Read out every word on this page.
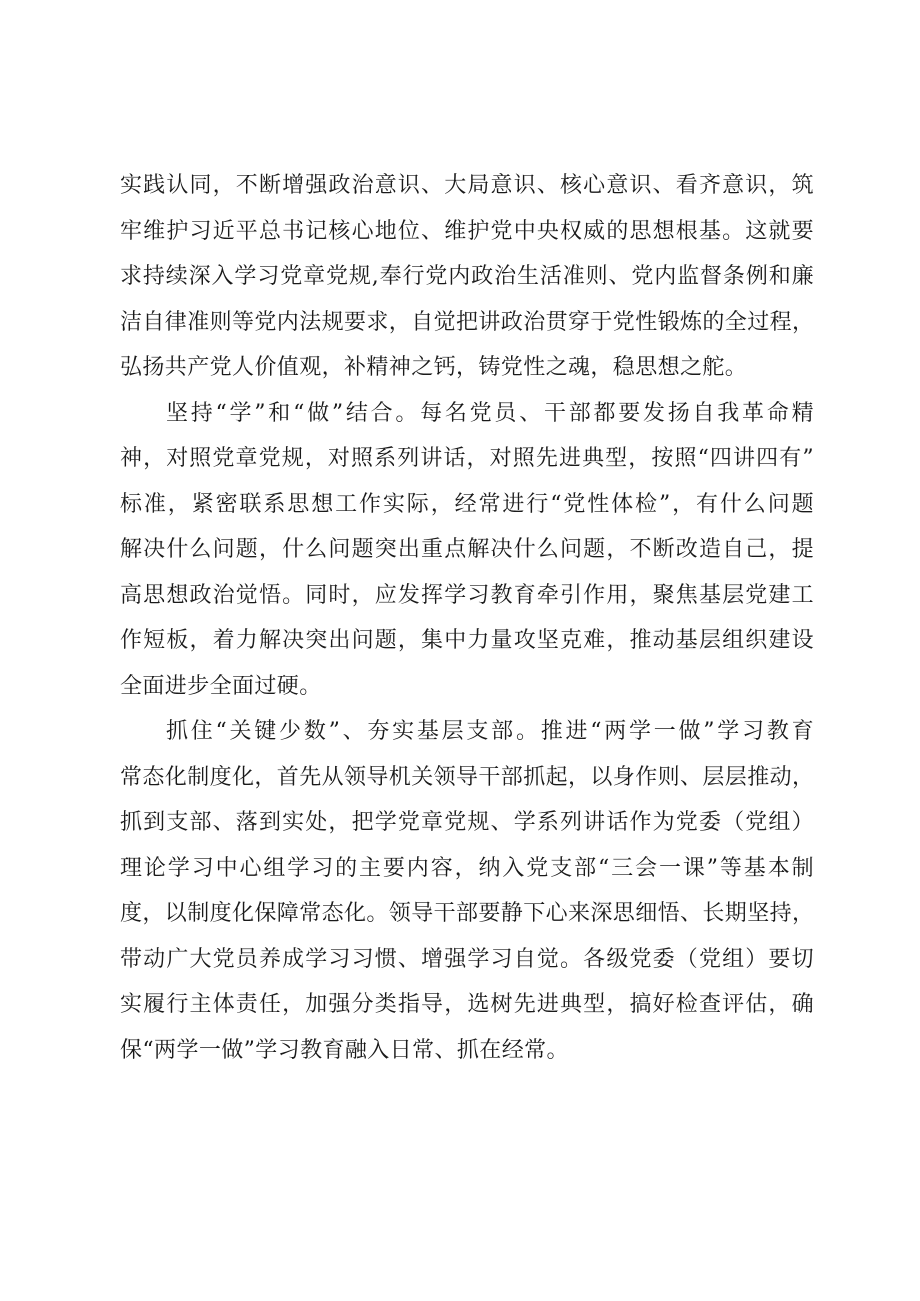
实践认同，不断增强政治意识、大局意识、核心意识、看齐意识，筑
牢维护习近平总书记核心地位、维护党中央权威的思想根基。这就要
求持续深入学习党章党规,奉行党内政治生活准则、党内监督条例和廉
洁自律准则等党内法规要求，自觉把讲政治贯穿于党性锻炼的全过程，
弘扬共产党人价值观，补精神之钙，铸党性之魂，稳思想之舵。

坚持“学”和“做”结合。每名党员、干部都要发扬自我革命精
神，对照党章党规，对照系列讲话，对照先进典型，按照“四讲四有”
标准，紧密联系思想工作实际，经常进行“党性体检”，有什么问题
解决什么问题，什么问题突出重点解决什么问题，不断改造自己，提
高思想政治觉悟。同时，应发挥学习教育牵引作用，聚焦基层党建工
作短板，着力解决突出问题，集中力量攻坚克难，推动基层组织建设
全面进步全面过硬。

抓住“关键少数”、夯实基层支部。推进“两学一做”学习教育
常态化制度化，首先从领导机关领导干部抓起，以身作则、层层推动，
抓到支部、落到实处，把学党章党规、学系列讲话作为党委（党组）
理论学习中心组学习的主要内容，纳入党支部“三会一课”等基本制
度，以制度化保障常态化。领导干部要静下心来深思细悟、长期坚持，
带动广大党员养成学习习惯、增强学习自觉。各级党委（党组）要切
实履行主体责任，加强分类指导，选树先进典型，搞好检查评估，确
保“两学一做”学习教育融入日常、抓在经常。
